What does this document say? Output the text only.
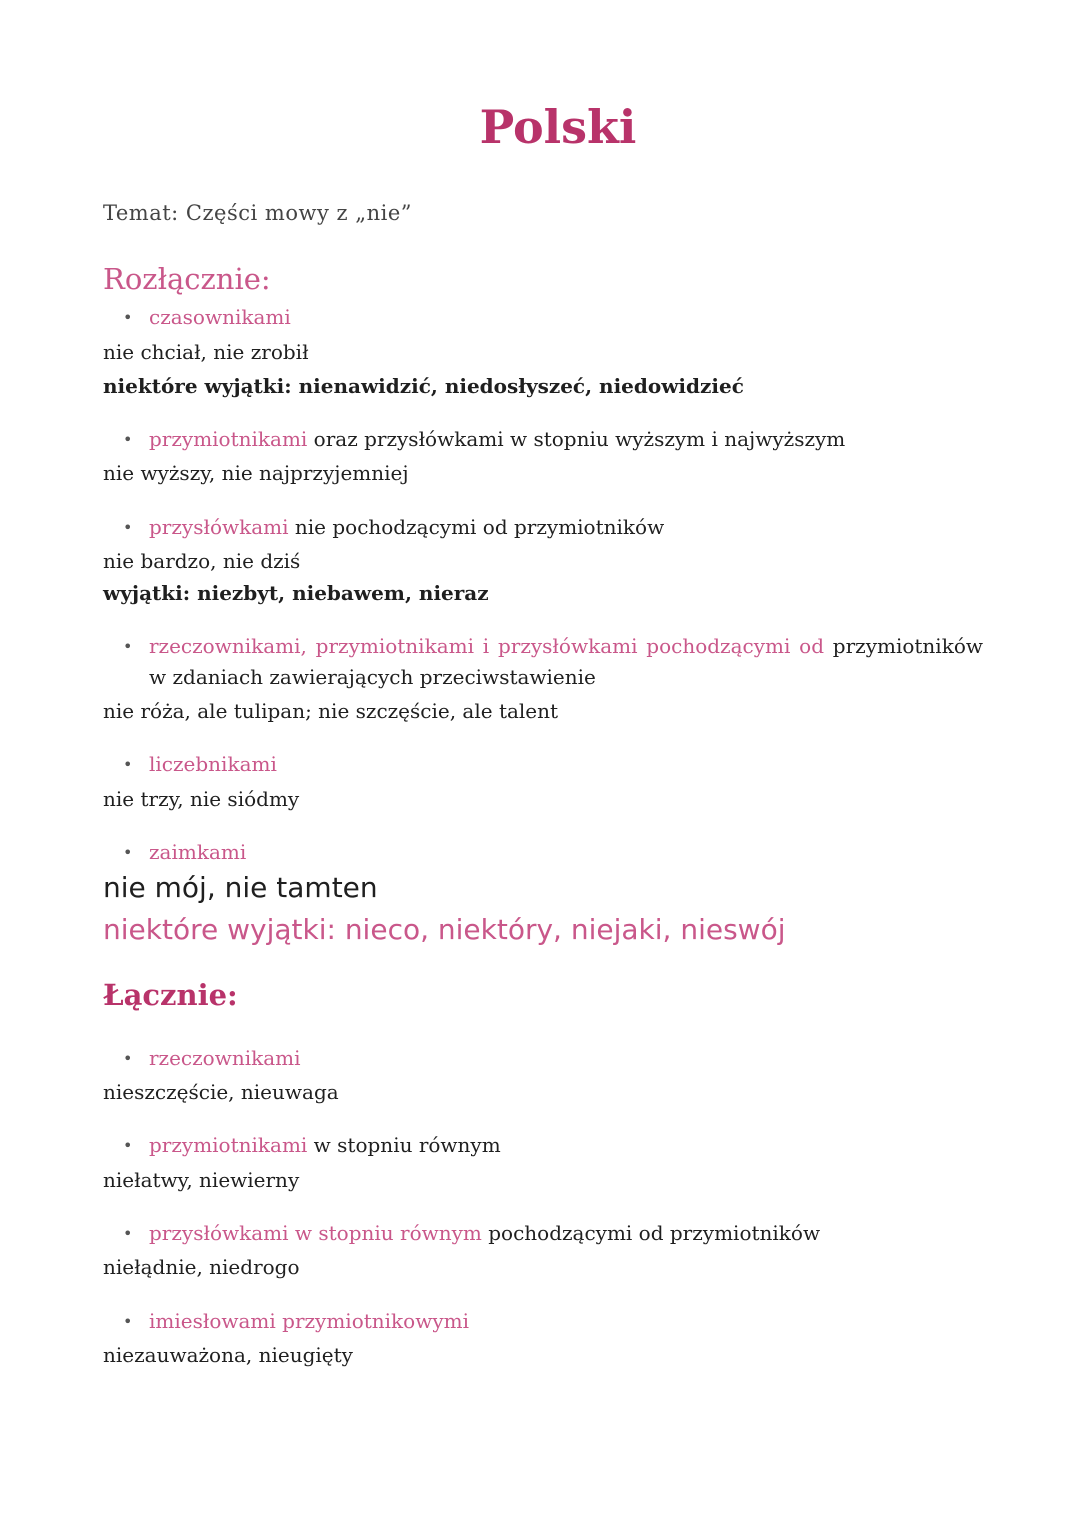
Polski
Temat: Części mowy z „nie”
Rozłącznie:
• czasownikami
nie chciał, nie zrobił
niektóre wyjątki: nienawidzić, niedosłyszeć, niedowidzieć
• przymiotnikami oraz przysłówkami w stopniu wyższym i najwyższym
nie wyższy, nie najprzyjemniej
• przysłówkami nie pochodzącymi od przymiotników
nie bardzo, nie dziś
wyjątki: niezbyt, niebawem, nieraz
• rzeczownikami, przymiotnikami i przysłówkami pochodzącymi od przymiotników w zdaniach zawierających przeciwstawienie
nie róża, ale tulipan; nie szczęście, ale talent
• liczebnikami
nie trzy, nie siódmy
• zaimkami
nie mój, nie tamten
niektóre wyjątki: nieco, niektóry, niejaki, nieswój
Łącznie:
• rzeczownikami
nieszczęście, nieuwaga
• przymiotnikami w stopniu równym
niełatwy, niewierny
• przysłówkami w stopniu równym pochodzącymi od przymiotników
niełądnie, niedrogo
• imiesłowami przymiotnikowymi
niezauważona, nieugięty
